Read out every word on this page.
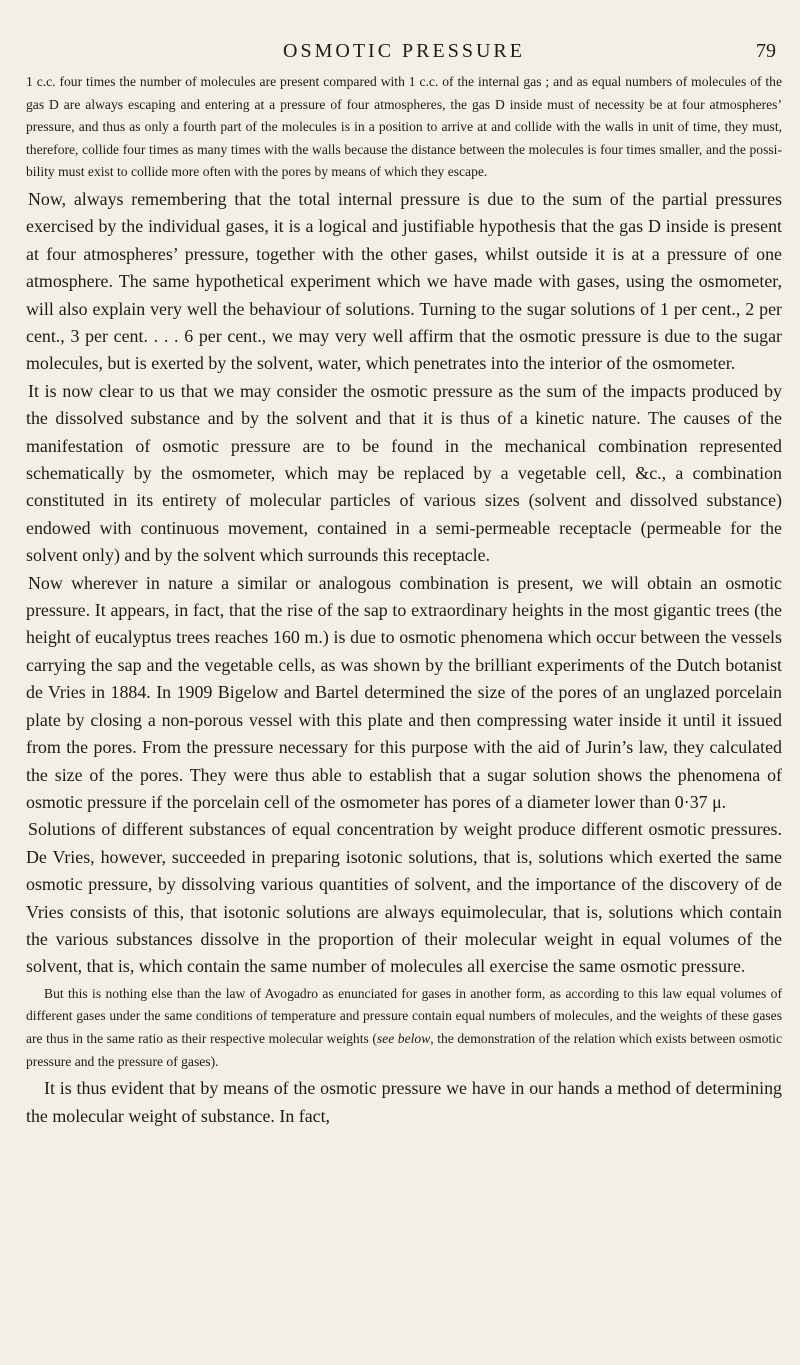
OSMOTIC PRESSURE	79

1 c.c. four times the number of molecules are present compared with 1 c.c. of the internal gas ; and as equal numbers of molecules of the gas D are always escaping and entering at a pressure of four atmospheres, the gas D inside must of necessity be at four atmospheres’ pressure, and thus as only a fourth part of the molecules is in a position to arrive at and collide with the walls in unit of time, they must, therefore, collide four times as many times with the walls because the distance between the molecules is four times smaller, and the possibility must exist to collide more often with the pores by means of which they escape.

Now, always remembering that the total internal pressure is due to the sum of the partial pressures exercised by the individual gases, it is a logical and justifiable hypothesis that the gas D inside is present at four atmospheres’ pressure, together with the other gases, whilst outside it is at a pressure of one atmosphere. The same hypothetical experiment which we have made with gases, using the osmometer, will also explain very well the behaviour of solutions. Turning to the sugar solutions of 1 per cent., 2 per cent., 3 per cent. . . . 6 per cent., we may very well affirm that the osmotic pressure is due to the sugar molecules, but is exerted by the solvent, water, which penetrates into the interior of the osmometer.

It is now clear to us that we may consider the osmotic pressure as the sum of the impacts produced by the dissolved substance and by the solvent and that it is thus of a kinetic nature. The causes of the manifestation of osmotic pressure are to be found in the mechanical combination represented schematically by the osmometer, which may be replaced by a vegetable cell, &c., a combination constituted in its entirety of molecular particles of various sizes (solvent and dissolved substance) endowed with continuous movement, contained in a semi-permeable receptacle (permeable for the solvent only) and by the solvent which surrounds this receptacle.

Now wherever in nature a similar or analogous combination is present, we will obtain an osmotic pressure. It appears, in fact, that the rise of the sap to extraordinary heights in the most gigantic trees (the height of eucalyptus trees reaches 160 m.) is due to osmotic phenomena which occur between the vessels carrying the sap and the vegetable cells, as was shown by the brilliant experiments of the Dutch botanist de Vries in 1884. In 1909 Bigelow and Bartel determined the size of the pores of an unglazed porcelain plate by closing a non-porous vessel with this plate and then compressing water inside it until it issued from the pores. From the pressure necessary for this purpose with the aid of Jurin’s law, they calculated the size of the pores. They were thus able to establish that a sugar solution shows the phenomena of osmotic pressure if the porcelain cell of the osmometer has pores of a diameter lower than 0·37 μ.

Solutions of different substances of equal concentration by weight produce different osmotic pressures. De Vries, however, succeeded in preparing isotonic solutions, that is, solutions which exerted the same osmotic pressure, by dissolving various quantities of solvent, and the importance of the discovery of de Vries consists of this, that isotonic solutions are always equimolecular, that is, solutions which contain the various substances dissolve in the proportion of their molecular weight in equal volumes of the solvent, that is, which contain the same number of molecules all exercise the same osmotic pressure.

But this is nothing else than the law of Avogadro as enunciated for gases in another form, as according to this law equal volumes of different gases under the same conditions of temperature and pressure contain equal numbers of molecules, and the weights of these gases are thus in the same ratio as their respective molecular weights (see below, the demonstration of the relation which exists between osmotic pressure and the pressure of gases).

It is thus evident that by means of the osmotic pressure we have in our hands a method of determining the molecular weight of substance. In fact,
